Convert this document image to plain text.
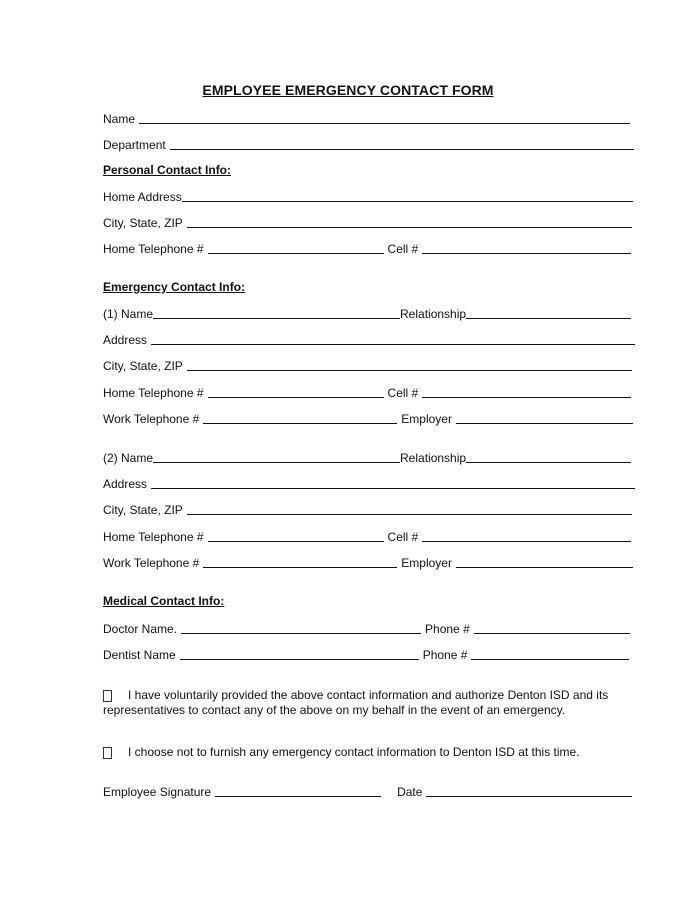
EMPLOYEE EMERGENCY CONTACT FORM
Name
Department
Personal Contact Info:
Home Address
City, State, ZIP
Home Telephone #	Cell #
Emergency Contact Info:
(1) Name	Relationship
Address
City, State, ZIP
Home Telephone #	Cell #
Work Telephone #	Employer
(2) Name	Relationship
Address
City, State, ZIP
Home Telephone #	Cell #
Work Telephone #	Employer
Medical Contact Info:
Doctor Name.	Phone #
Dentist Name	Phone #
I have voluntarily provided the above contact information and authorize Denton ISD and its representatives to contact any of the above on my behalf in the event of an emergency.
I choose not to furnish any emergency contact information to Denton ISD at this time.
Employee Signature	Date
